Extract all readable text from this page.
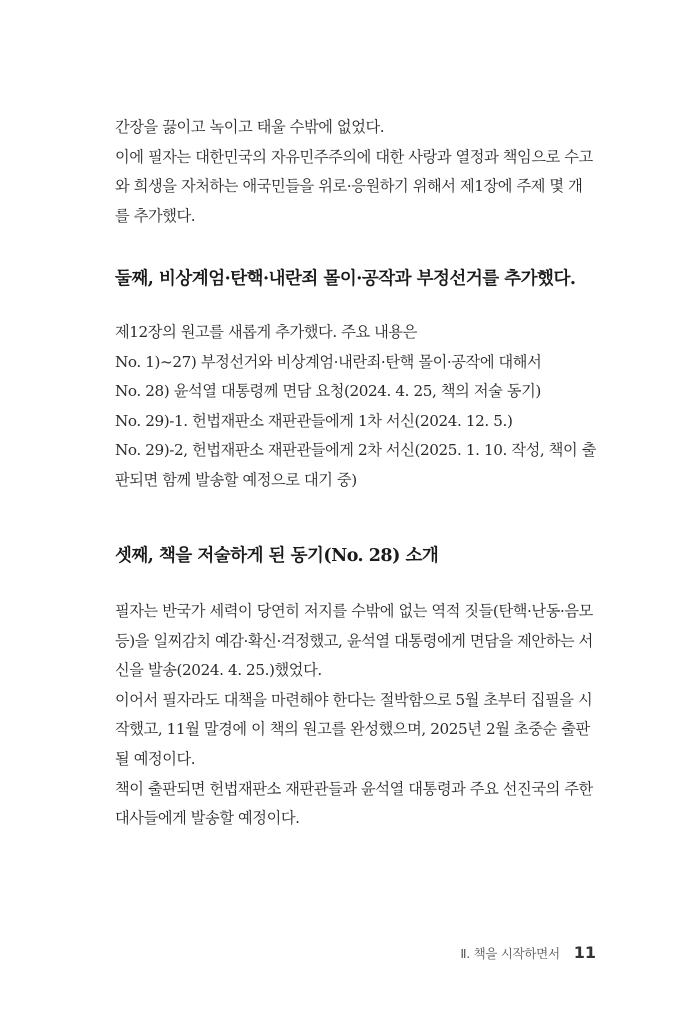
간장을 끓이고 녹이고 태울 수밖에 없었다.
이에 필자는 대한민국의 자유민주주의에 대한 사랑과 열정과 책임으로 수고
와 희생을 자처하는 애국민들을 위로·응원하기 위해서 제1장에 주제 몇 개
를 추가했다.

둘째, 비상계엄·탄핵·내란죄 몰이·공작과 부정선거를 추가했다.

제12장의 원고를 새롭게 추가했다. 주요 내용은
No. 1)~27) 부정선거와 비상계엄·내란죄·탄핵 몰이·공작에 대해서
No. 28) 윤석열 대통령께 면담 요청(2024. 4. 25, 책의 저술 동기)
No. 29)-1. 헌법재판소 재판관들에게 1차 서신(2024. 12. 5.)
No. 29)-2, 헌법재판소 재판관들에게 2차 서신(2025. 1. 10. 작성, 책이 출
판되면 함께 발송할 예정으로 대기 중)

셋째, 책을 저술하게 된 동기(No. 28) 소개

필자는 반국가 세력이 당연히 저지를 수밖에 없는 역적 짓들(탄핵·난동·음모
등)을 일찌감치 예감·확신·걱정했고, 윤석열 대통령에게 면담을 제안하는 서
신을 발송(2024. 4. 25.)했었다.
이어서 필자라도 대책을 마련해야 한다는 절박함으로 5월 초부터 집필을 시
작했고, 11월 말경에 이 책의 원고를 완성했으며, 2025년 2월 초중순 출판
될 예정이다.
책이 출판되면 헌법재판소 재판관들과 윤석열 대통령과 주요 선진국의 주한
대사들에게 발송할 예정이다.

Ⅱ. 책을 시작하면서 11
